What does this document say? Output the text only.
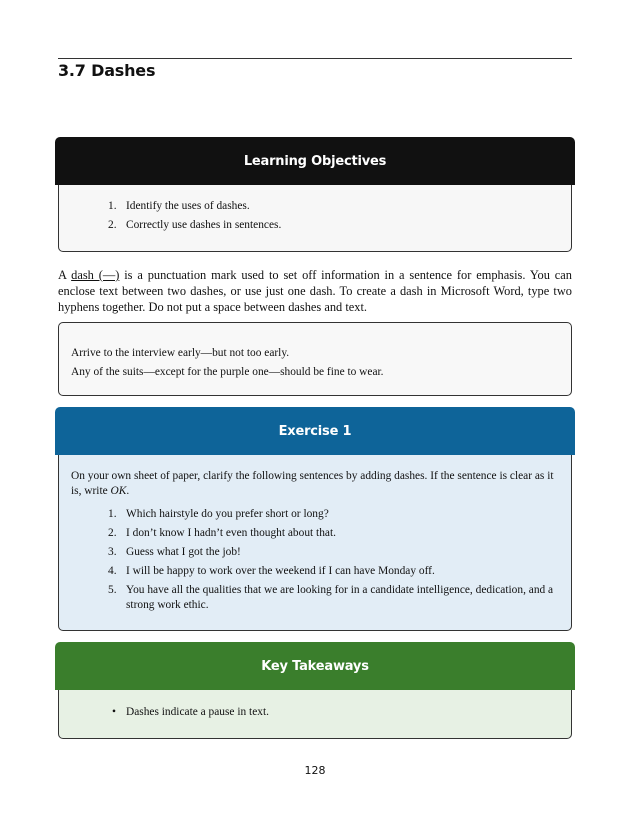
3.7 Dashes
Learning Objectives
1. Identify the uses of dashes.
2. Correctly use dashes in sentences.

A dash (—) is a punctuation mark used to set off information in a sentence for emphasis. You can enclose text between two dashes, or use just one dash. To create a dash in Microsoft Word, type two hyphens together. Do not put a space between dashes and text.

Arrive to the interview early—but not too early.

Any of the suits—except for the purple one—should be fine to wear.

Exercise 1

On your own sheet of paper, clarify the following sentences by adding dashes. If the sentence is clear as it is, write OK.

1. Which hairstyle do you prefer short or long?
2. I don’t know I hadn’t even thought about that.
3. Guess what I got the job!
4. I will be happy to work over the weekend if I can have Monday off.
5. You have all the qualities that we are looking for in a candidate intelligence, dedication, and a strong work ethic.
Key Takeaways
• Dashes indicate a pause in text.
128
